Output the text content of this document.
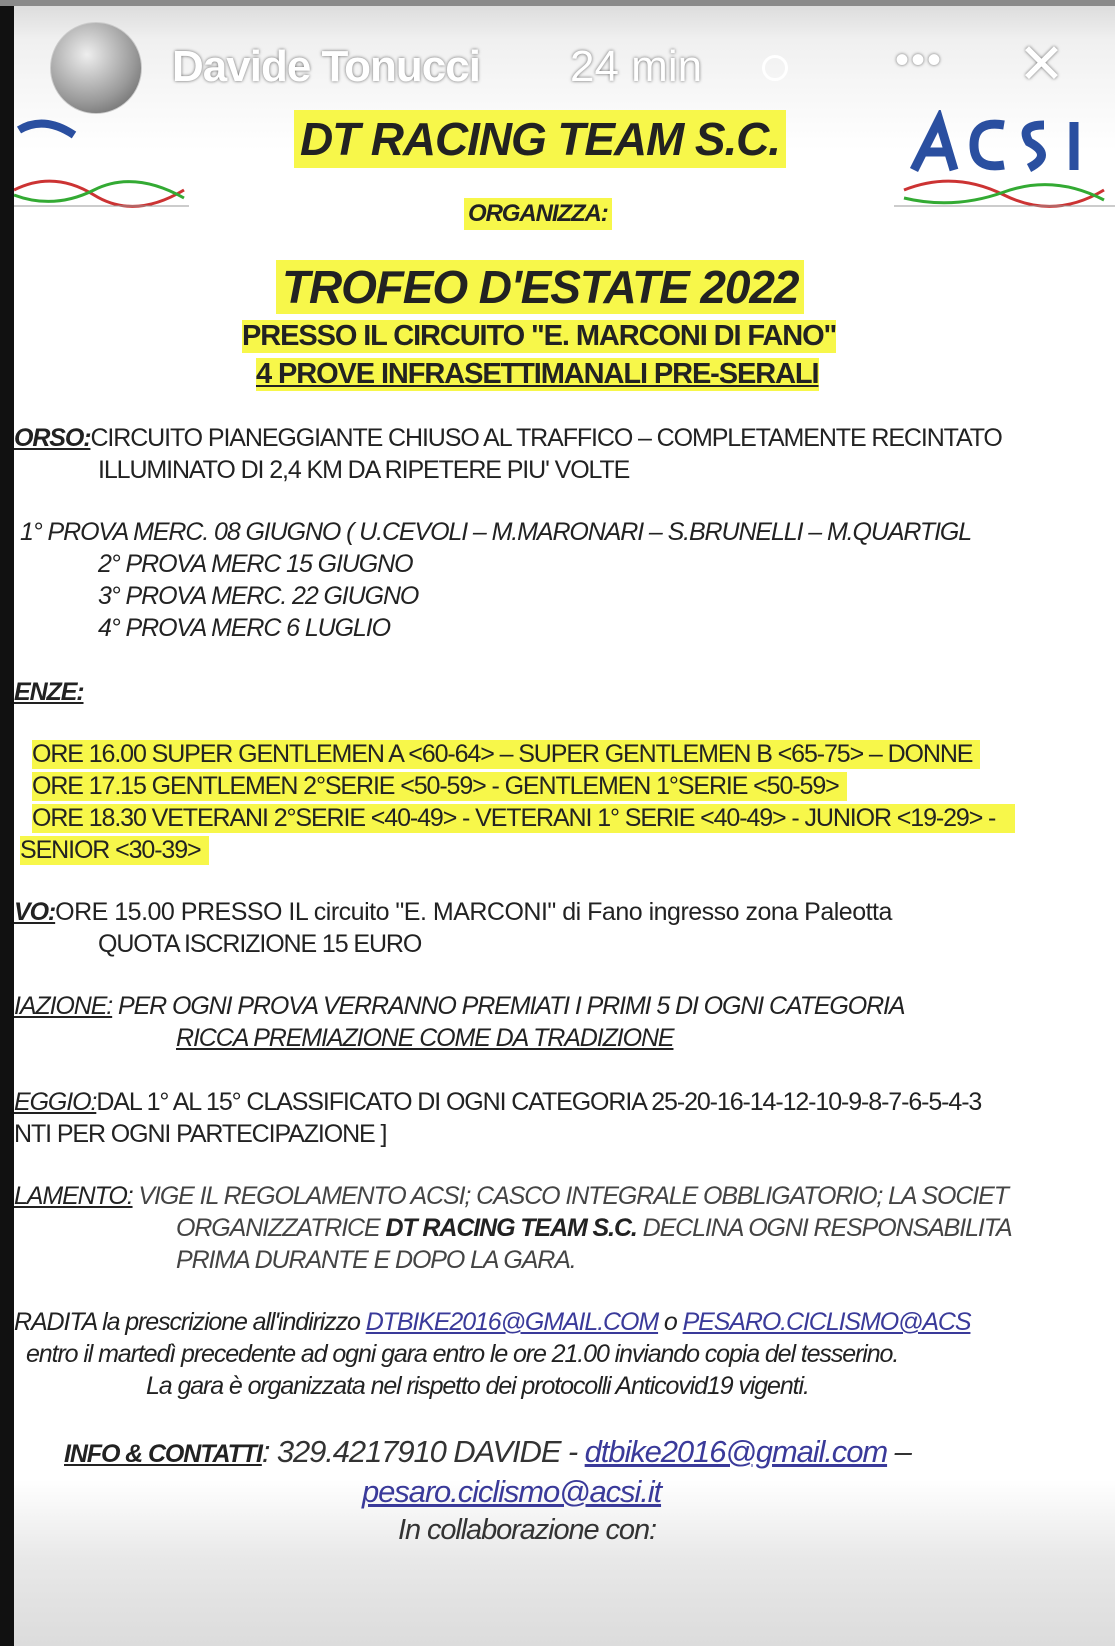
DT RACING TEAM S.C.
ORGANIZZA:
TROFEO D'ESTATE 2022
PRESSO IL CIRCUITO "E. MARCONI DI FANO"
4 PROVE INFRASETTIMANALI PRE-SERALI
ORSO:CIRCUITO PIANEGGIANTE CHIUSO AL TRAFFICO – COMPLETAMENTE RECINTATO
ILLUMINATO DI 2,4 KM DA RIPETERE PIU' VOLTE
1° PROVA MERC. 08 GIUGNO ( U.CEVOLI – M.MARONARI – S.BRUNELLI – M.QUARTIGL
2° PROVA MERC 15 GIUGNO
3° PROVA MERC. 22 GIUGNO
4° PROVA MERC 6 LUGLIO
ENZE:
ORE 16.00 SUPER GENTLEMEN A <60-64> – SUPER GENTLEMEN B <65-75> – DONNE
ORE 17.15 GENTLEMEN 2°SERIE <50-59> - GENTLEMEN 1°SERIE <50-59>
ORE 18.30 VETERANI 2°SERIE <40-49> - VETERANI 1° SERIE <40-49> - JUNIOR <19-29> -
SENIOR <30-39>
VO:ORE 15.00 PRESSO IL circuito "E. MARCONI" di Fano ingresso zona Paleotta
QUOTA ISCRIZIONE 15 EURO
IAZIONE: PER OGNI PROVA VERRANNO PREMIATI I PRIMI 5 DI OGNI CATEGORIA
RICCA PREMIAZIONE COME DA TRADIZIONE
EGGIO:DAL 1° AL 15° CLASSIFICATO DI OGNI CATEGORIA 25-20-16-14-12-10-9-8-7-6-5-4-3
NTI PER OGNI PARTECIPAZIONE ]
LAMENTO: VIGE IL REGOLAMENTO ACSI; CASCO INTEGRALE OBBLIGATORIO; LA SOCIET
ORGANIZZATRICE DT RACING TEAM S.C. DECLINA OGNI RESPONSABILITA
PRIMA DURANTE E DOPO LA GARA.
RADITA la prescrizione all'indirizzo DTBIKE2016@GMAIL.COM o PESARO.CICLISMO@ACS
entro il martedì precedente ad ogni gara entro le ore 21.00 inviando copia del tesserino.
La gara è organizzata nel rispetto dei protocolli Anticovid19 vigenti.
INFO & CONTATTI: 329.4217910 DAVIDE - dtbike2016@gmail.com –
pesaro.ciclismo@acsi.it
In collaborazione con:
Davide Tonucci 24 min	••• ✕
